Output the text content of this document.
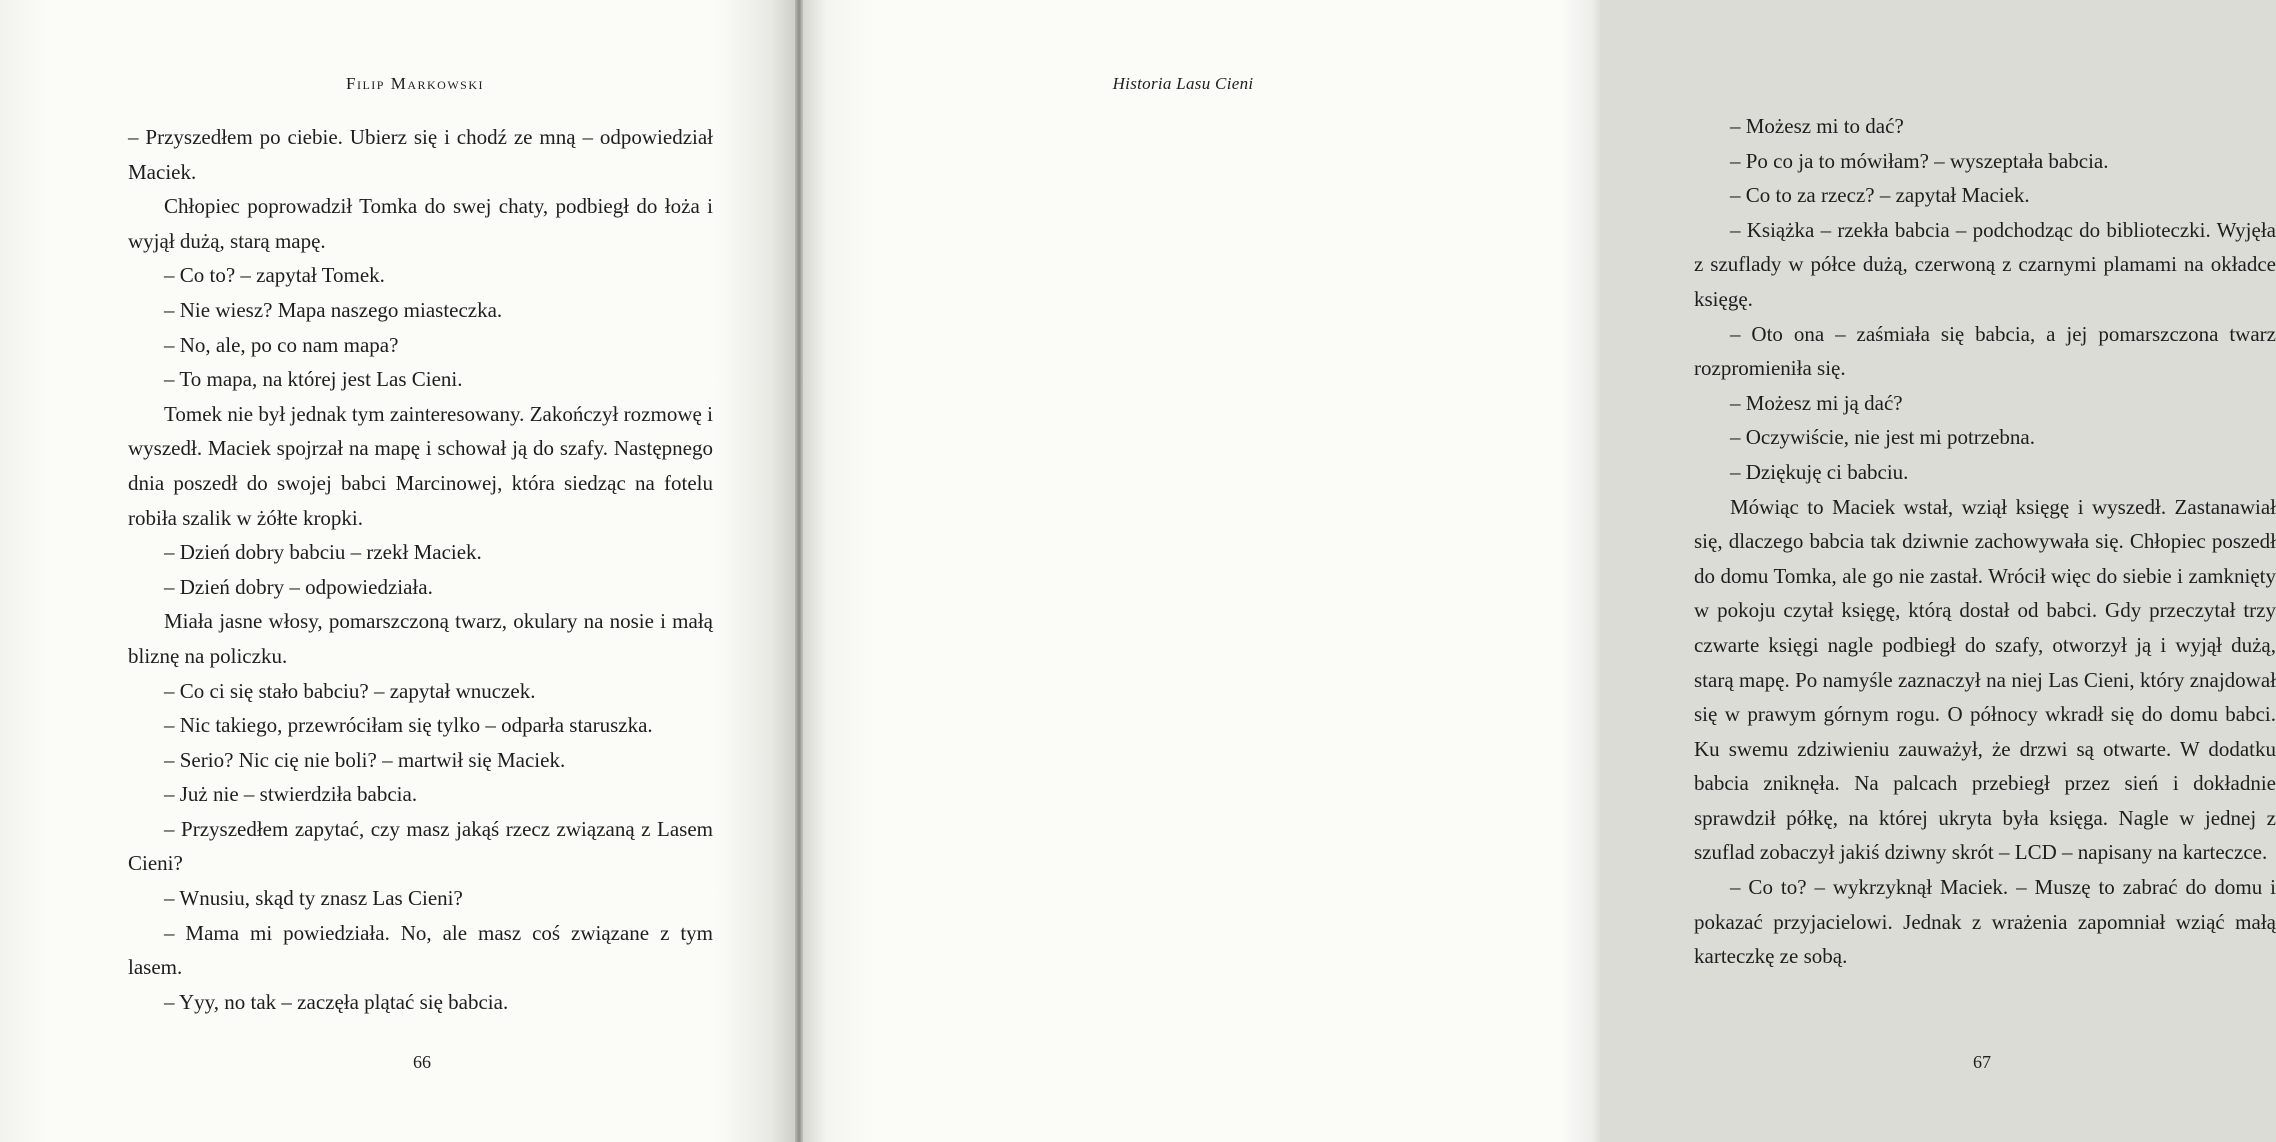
Filip Markowski

– Przyszedłem po ciebie. Ubierz się i chodź ze mną – odpowiedział Maciek.

Chłopiec poprowadził Tomka do swej chaty, podbiegł do łoża i wyjął dużą, starą mapę.

– Co to? – zapytał Tomek.

– Nie wiesz? Mapa naszego miasteczka.

– No, ale, po co nam mapa?

– To mapa, na której jest Las Cieni.

Tomek nie był jednak tym zainteresowany. Zakończył rozmowę i wyszedł. Maciek spojrzał na mapę i schował ją do szafy. Następnego dnia poszedł do swojej babci Marcinowej, która siedząc na fotelu robiła szalik w żółte kropki.

– Dzień dobry babciu – rzekł Maciek.

– Dzień dobry – odpowiedziała.

Miała jasne włosy, pomarszczoną twarz, okulary na nosie i małą bliznę na policzku.

– Co ci się stało babciu? – zapytał wnuczek.

– Nic takiego, przewróciłam się tylko – odparła staruszka.

– Serio? Nic cię nie boli? – martwił się Maciek.

– Już nie – stwierdziła babcia.

– Przyszedłem zapytać, czy masz jakąś rzecz związaną z Lasem Cieni?

– Wnusiu, skąd ty znasz Las Cieni?

– Mama mi powiedziała. No, ale masz coś związane z tym lasem.

– Yyy, no tak – zaczęła plątać się babcia.

66
Historia Lasu Cieni

– Możesz mi to dać?

– Po co ja to mówiłam? – wyszeptała babcia.

– Co to za rzecz? – zapytał Maciek.

– Książka – rzekła babcia – podchodząc do biblioteczki. Wyjęła z szuflady w półce dużą, czerwoną z czarnymi plamami na okładce księgę.

– Oto ona – zaśmiała się babcia, a jej pomarszczona twarz rozpromieniła się.

– Możesz mi ją dać?

– Oczywiście, nie jest mi potrzebna.

– Dziękuję ci babciu.

Mówiąc to Maciek wstał, wziął księgę i wyszedł. Zastanawiał się, dlaczego babcia tak dziwnie zachowywała się. Chłopiec poszedł do domu Tomka, ale go nie zastał. Wrócił więc do siebie i zamknięty w pokoju czytał księgę, którą dostał od babci. Gdy przeczytał trzy czwarte księgi nagle podbiegł do szafy, otworzył ją i wyjął dużą, starą mapę. Po namyśle zaznaczył na niej Las Cieni, który znajdował się w prawym górnym rogu. O północy wkradł się do domu babci. Ku swemu zdziwieniu zauważył, że drzwi są otwarte. W dodatku babcia zniknęła. Na palcach przebiegł przez sień i dokładnie sprawdził półkę, na której ukryta była księga. Nagle w jednej z szuflad zobaczył jakiś dziwny skrót – LCD – napisany na karteczce.

– Co to? – wykrzyknął Maciek. – Muszę to zabrać do domu i pokazać przyjacielowi. Jednak z wrażenia zapomniał wziąć małą karteczkę ze sobą.

67
